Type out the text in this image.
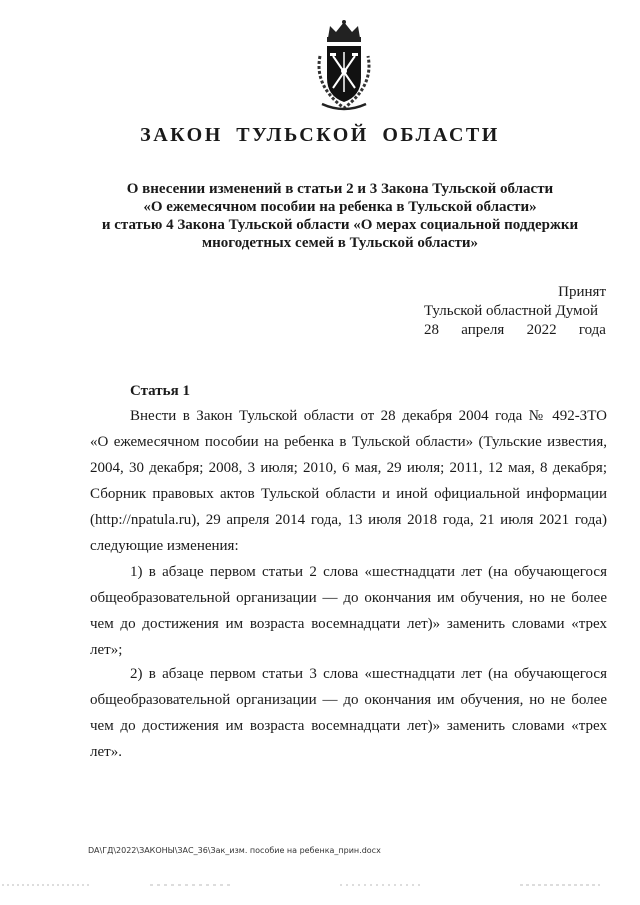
ЗАКОН ТУЛЬСКОЙ ОБЛАСТИ
О внесении изменений в статьи 2 и 3 Закона Тульской области
«О ежемесячном пособии на ребенка в Тульской области»
и статью 4 Закона Тульской области «О мерах социальной поддержки
многодетных семей в Тульской области»
Принят
Тульской областной Думой
28 апреля 2022 года
Статья 1
Внести в Закон Тульской области от 28 декабря 2004 года № 492-ЗТО
«О ежемесячном пособии на ребенка в Тульской области» (Тульские известия,
2004, 30 декабря; 2008, 3 июля; 2010, 6 мая, 29 июля; 2011, 12 мая, 8 декабря;
Сборник правовых актов Тульской области и иной официальной информации
(http://npatula.ru), 29 апреля 2014 года, 13 июля 2018 года, 21 июля 2021 года)
следующие изменения:
1) в абзаце первом статьи 2 слова «шестнадцати лет (на обучающегося
общеобразовательной организации — до окончания им обучения, но не более
чем до достижения им возраста восемнадцати лет)» заменить словами «трех
лет»;
2) в абзаце первом статьи 3 слова «шестнадцати лет (на обучающегося
общеобразовательной организации — до окончания им обучения, но не более
чем до достижения им возраста восемнадцати лет)» заменить словами «трех
лет».
DA\ГД\2022\ЗАКОНЫ\ЗАС_36\Зак_изм. пособие на ребенка_прин.docx
